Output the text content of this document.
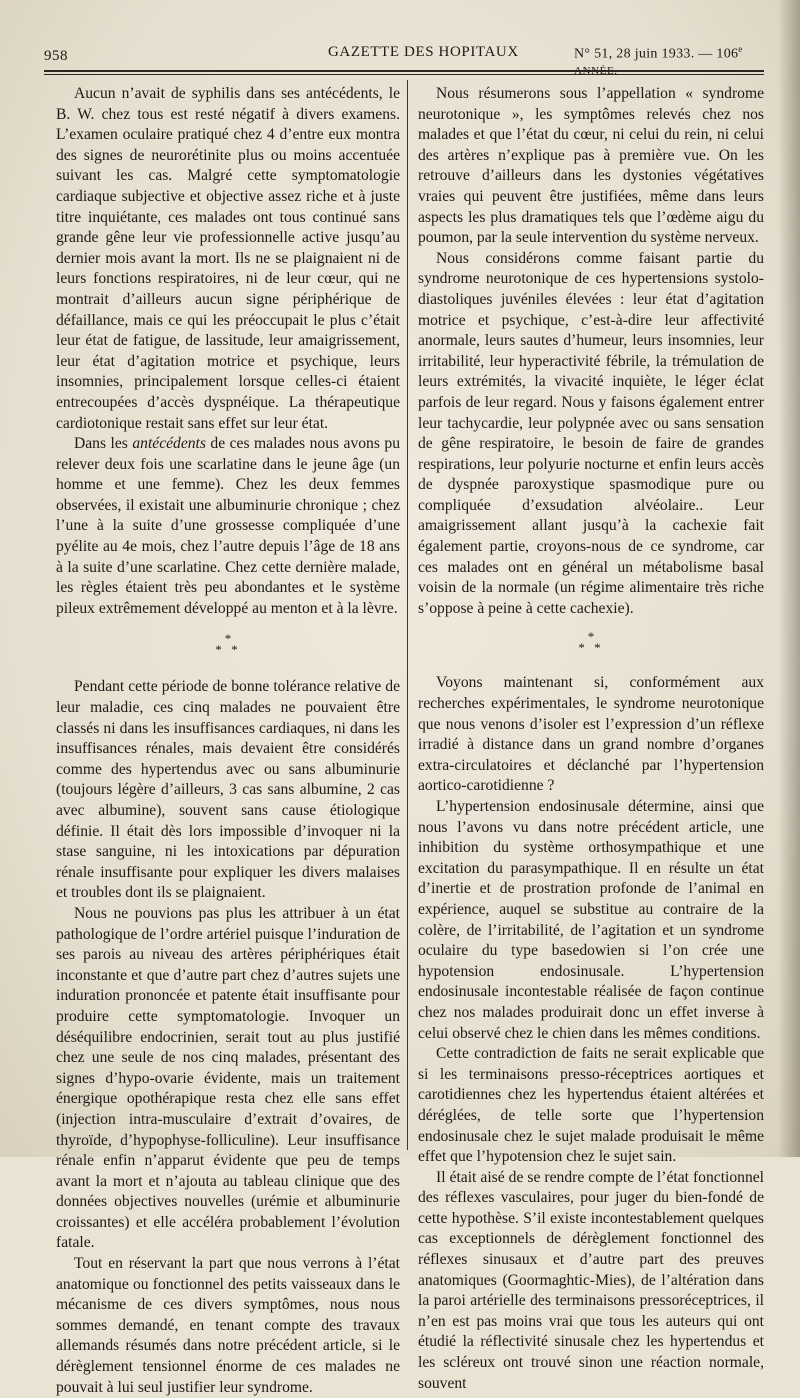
958	GAZETTE DES HOPITAUX	N° 51, 28 juin 1933. — 106e ANNÉE.

Aucun n’avait de syphilis dans ses antécédents, le B. W. chez tous est resté négatif à divers examens. L’examen oculaire pratiqué chez 4 d’entre eux montra des signes de neurorétinite plus ou moins accentuée suivant les cas. Malgré cette symptomatologie cardiaque subjective et objective assez riche et à juste titre inquiétante, ces malades ont tous continué sans grande gêne leur vie professionnelle active jusqu’au dernier mois avant la mort. Ils ne se plaignaient ni de leurs fonctions respiratoires, ni de leur cœur, qui ne montrait d’ailleurs aucun signe périphérique de défaillance, mais ce qui les préoccupait le plus c’était leur état de fatigue, de lassitude, leur amaigrissement, leur état d’agitation motrice et psychique, leurs insomnies, principalement lorsque celles-ci étaient entrecoupées d’accès dyspnéique. La thérapeutique cardiotonique restait sans effet sur leur état.

Dans les antécédents de ces malades nous avons pu relever deux fois une scarlatine dans le jeune âge (un homme et une femme). Chez les deux femmes observées, il existait une albuminurie chronique ; chez l’une à la suite d’une grossesse compliquée d’une pyélite au 4e mois, chez l’autre depuis l’âge de 18 ans à la suite d’une scarlatine. Chez cette dernière malade, les règles étaient très peu abondantes et le système pileux extrêmement développé au menton et à la lèvre.

*
* *

Pendant cette période de bonne tolérance relative de leur maladie, ces cinq malades ne pouvaient être classés ni dans les insuffisances cardiaques, ni dans les insuffisances rénales, mais devaient être considérés comme des hypertendus avec ou sans albuminurie (toujours légère d’ailleurs, 3 cas sans albumine, 2 cas avec albumine), souvent sans cause étiologique définie. Il était dès lors impossible d’invoquer ni la stase sanguine, ni les intoxications par dépuration rénale insuffisante pour expliquer les divers malaises et troubles dont ils se plaignaient.

Nous ne pouvions pas plus les attribuer à un état pathologique de l’ordre artériel puisque l’induration de ses parois au niveau des artères périphériques était inconstante et que d’autre part chez d’autres sujets une induration prononcée et patente était insuffisante pour produire cette symptomatologie. Invoquer un déséquilibre endocrinien, serait tout au plus justifié chez une seule de nos cinq malades, présentant des signes d’hypo-ovarie évidente, mais un traitement énergique opothérapique resta chez elle sans effet (injection intra-musculaire d’extrait d’ovaires, de thyroïde, d’hypophyse-folliculine). Leur insuffisance rénale enfin n’apparut évidente que peu de temps avant la mort et n’ajouta au tableau clinique que des données objectives nouvelles (urémie et albuminurie croissantes) et elle accéléra probablement l’évolution fatale.

Tout en réservant la part que nous verrons à l’état anatomique ou fonctionnel des petits vaisseaux dans le mécanisme de ces divers symptômes, nous nous sommes demandé, en tenant compte des travaux allemands résumés dans notre précédent article, si le dérèglement tensionnel énorme de ces malades ne pouvait à lui seul justifier leur syndrome.

Nous résumerons sous l’appellation « syndrome neurotonique », les symptômes relevés chez nos malades et que l’état du cœur, ni celui du rein, ni celui des artères n’explique pas à première vue. On les retrouve d’ailleurs dans les dystonies végétatives vraies qui peuvent être justifiées, même dans leurs aspects les plus dramatiques tels que l’œdème aigu du poumon, par la seule intervention du système nerveux.

Nous considérons comme faisant partie du syndrome neurotonique de ces hypertensions systolo-diastoliques juvéniles élevées : leur état d’agitation motrice et psychique, c’est-à-dire leur affectivité anormale, leurs sautes d’humeur, leurs insomnies, leur irritabilité, leur hyperactivité fébrile, la trémulation de leurs extrémités, la vivacité inquiète, le léger éclat parfois de leur regard. Nous y faisons également entrer leur tachycardie, leur polypnée avec ou sans sensation de gêne respiratoire, le besoin de faire de grandes respirations, leur polyurie nocturne et enfin leurs accès de dyspnée paroxystique spasmodique pure ou compliquée d’exsudation alvéolaire.. Leur amaigrissement allant jusqu’à la cachexie fait également partie, croyons-nous de ce syndrome, car ces malades ont en général un métabolisme basal voisin de la normale (un régime alimentaire très riche s’oppose à peine à cette cachexie).

*
* *

Voyons maintenant si, conformément aux recherches expérimentales, le syndrome neurotonique que nous venons d’isoler est l’expression d’un réflexe irradié à distance dans un grand nombre d’organes extra-circulatoires et déclanché par l’hypertension aortico-carotidienne ?

L’hypertension endosinusale détermine, ainsi que nous l’avons vu dans notre précédent article, une inhibition du système orthosympathique et une excitation du parasympathique. Il en résulte un état d’inertie et de prostration profonde de l’animal en expérience, auquel se substitue au contraire de la colère, de l’irritabilité, de l’agitation et un syndrome oculaire du type basedowien si l’on crée une hypotension endosinusale. L’hypertension endosinusale incontestable réalisée de façon continue chez nos malades produirait donc un effet inverse à celui observé chez le chien dans les mêmes conditions.

Cette contradiction de faits ne serait explicable que si les terminaisons presso-réceptrices aortiques et carotidiennes chez les hypertendus étaient altérées et déréglées, de telle sorte que l’hypertension endosinusale chez le sujet malade produisait le même effet que l’hypotension chez le sujet sain.

Il était aisé de se rendre compte de l’état fonctionnel des réflexes vasculaires, pour juger du bien-fondé de cette hypothèse. S’il existe incontestablement quelques cas exceptionnels de dérèglement fonctionnel des réflexes sinusaux et d’autre part des preuves anatomiques (Goormaghtic-Mies), de l’altération dans la paroi artérielle des terminaisons pressoréceptrices, il n’en est pas moins vrai que tous les auteurs qui ont étudié la réflectivité sinusale chez les hypertendus et les scléreux ont trouvé sinon une réaction normale, souvent
